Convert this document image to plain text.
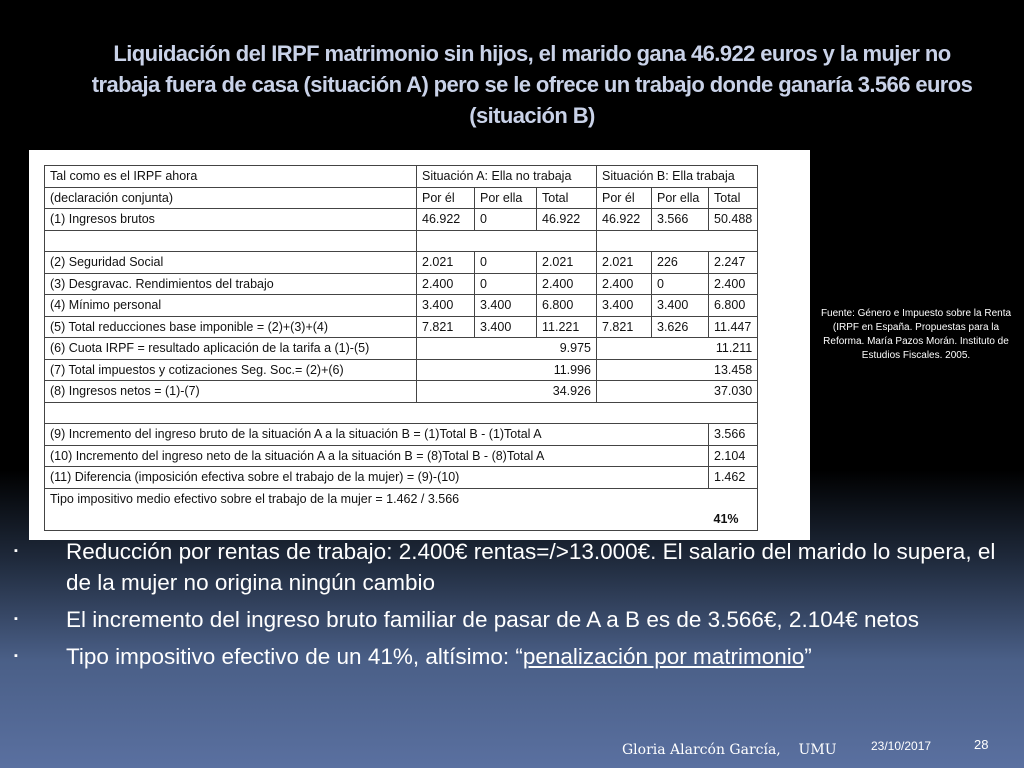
Liquidación del IRPF matrimonio sin hijos, el marido gana 46.922 euros y la mujer no
trabaja fuera de casa (situación A) pero se le ofrece un trabajo donde ganaría 3.566 euros
(situación B)
Tal como es el IRPF ahora	Situación A: Ella no trabaja			Situación B: Ella trabaja		
(declaración conjunta)	Por él	Por ella	Total	Por él	Por ella	Total
(1) Ingresos brutos	46.922	0	46.922	46.922	3.566	50.488

(2) Seguridad Social	2.021	0	2.021	2.021	226	2.247
(3) Desgravac. Rendimientos del trabajo	2.400	0	2.400	2.400	0	2.400
(4) Mínimo personal	3.400	3.400	6.800	3.400	3.400	6.800
(5) Total reducciones base imponible = (2)+(3)+(4)	7.821	3.400	11.221	7.821	3.626	11.447
(6) Cuota IRPF = resultado aplicación de la tarifa a (1)-(5)	9.975			11.211		
(7) Total impuestos y cotizaciones Seg. Soc.= (2)+(6)	11.996			13.458		
(8) Ingresos netos = (1)-(7)	34.926			37.030		

(9) Incremento del ingreso bruto de la situación A a la situación B = (1)Total B - (1)Total A						3.566
(10) Incremento del ingreso neto de la situación A a la situación B = (8)Total B - (8)Total A						2.104
(11) Diferencia (imposición efectiva sobre el trabajo de la mujer) = (9)-(10)						1.462
Tipo impositivo medio efectivo sobre el trabajo de la mujer = 1.462 / 3.566						
						41%
Fuente: Género e Impuesto sobre la Renta (IRPF en España. Propuestas para la Reforma. María Pazos Morán. Instituto de Estudios Fiscales. 2005.
▪	Reducción por rentas de trabajo: 2.400€ rentas=/>13.000€. El salario del marido lo supera, el de la mujer no origina ningún cambio
▪	El incremento del ingreso bruto familiar de pasar de A a B es de 3.566€, 2.104€ netos
▪	Tipo impositivo efectivo de un 41%, altísimo: “penalización por matrimonio”
Gloria Alarcón García,    UMU	23/10/2017	28
